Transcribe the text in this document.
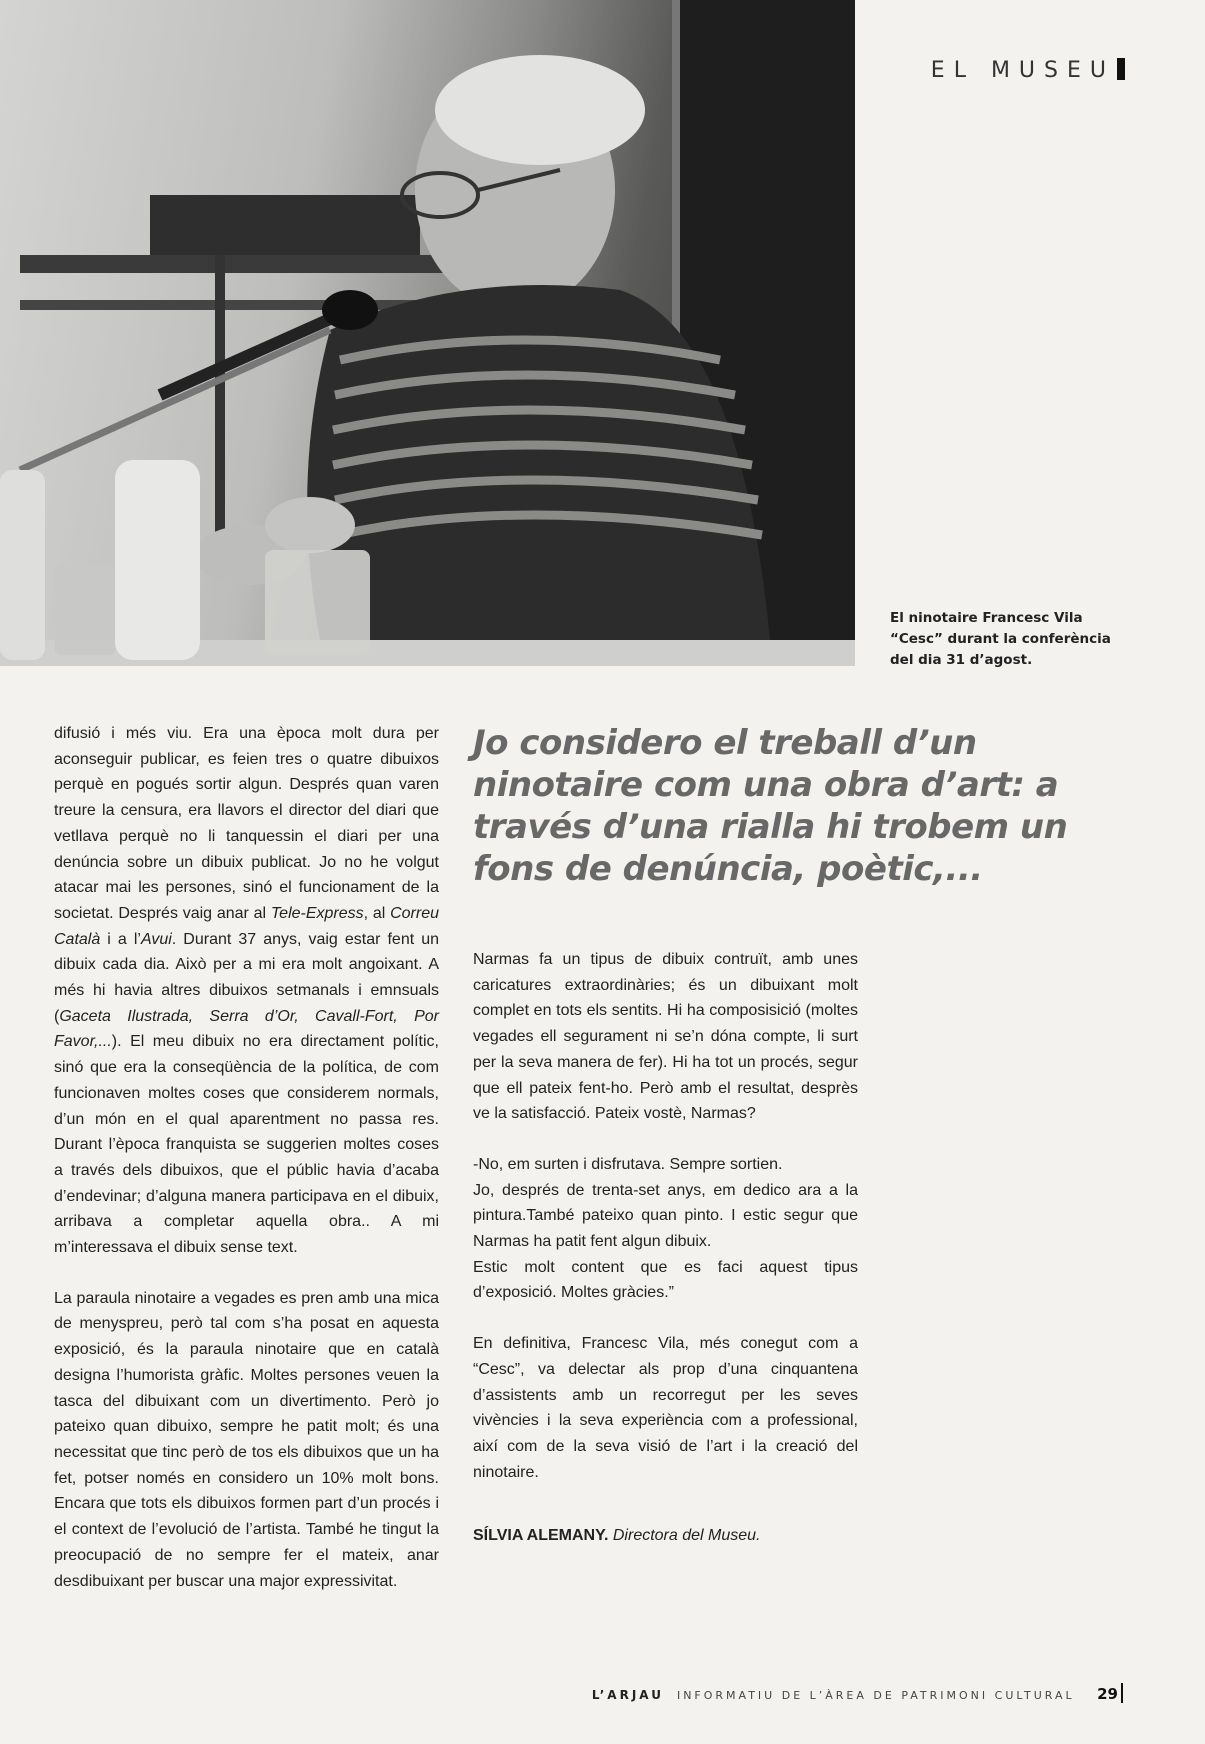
EL MUSEU
El ninotaire Francesc Vila
“Cesc” durant la conferència
del dia 31 d’agost.

difusió i més viu. Era una època molt dura per aconseguir publicar, es feien tres o quatre dibuixos perquè en pogués sortir algun. Després quan varen treure la censura, era llavors el director del diari que vetllava perquè no li tanquessin el diari per una denúncia sobre un dibuix publicat. Jo no he volgut atacar mai les persones, sinó el funcionament de la societat. Després vaig anar al Tele-Express, al Correu Català i a l’Avui. Durant 37 anys, vaig estar fent un dibuix cada dia. Això per a mi era molt angoixant. A més hi havia altres dibuixos setmanals i emnsuals (Gaceta Ilustrada, Serra d’Or, Cavall-Fort, Por Favor,...). El meu dibuix no era directament polític, sinó que era la conseqüència de la política, de com funcionaven moltes coses que considerem normals, d’un món en el qual aparentment no passa res. Durant l’època franquista se suggerien moltes coses a través dels dibuixos, que el públic havia d’acaba d’endevinar; d’alguna manera participava en el dibuix, arribava a completar aquella obra.. A mi m’interessava el dibuix sense text.

La paraula ninotaire a vegades es pren amb una mica de menyspreu, però tal com s’ha posat en aquesta exposició, és la paraula ninotaire que en català designa l’humorista gràfic. Moltes persones veuen la tasca del dibuixant com un divertimento. Però jo pateixo quan dibuixo, sempre he patit molt; és una necessitat que tinc però de tos els dibuixos que un ha fet, potser només en considero un 10% molt bons. Encara que tots els dibuixos formen part d’un procés i el context de l’evolució de l’artista. També he tingut la preocupació de no sempre fer el mateix, anar desdibuixant per buscar una major expressivitat.

Jo considero el treball d’un ninotaire com una obra d’art: a través d’una rialla hi trobem un fons de denúncia, poètic,...

Narmas fa un tipus de dibuix contruït, amb unes caricatures extraordinàries; és un dibuixant molt complet en tots els sentits. Hi ha composisició (moltes vegades ell segurament ni se’n dóna compte, li surt per la seva manera de fer). Hi ha tot un procés, segur que ell pateix fent-ho. Però amb el resultat, desprès ve la satisfacció. Pateix vostè, Narmas?

-No, em surten i disfrutava. Sempre sortien.
Jo, després de trenta-set anys, em dedico ara a la pintura.També pateixo quan pinto. I estic segur que Narmas ha patit fent algun dibuix.
Estic molt content que es faci aquest tipus d’exposició. Moltes gràcies.”

En definitiva, Francesc Vila, més conegut com a “Cesc”, va delectar als prop d’una cinquantena d’assistents amb un recorregut per les seves vivències i la seva experiència com a professional, així com de la seva visió de l’art i la creació del ninotaire.

SÍLVIA ALEMANY. Directora del Museu.

L’ARJAU INFORMATIU DE L’ÀREA DE PATRIMONI CULTURAL 29
